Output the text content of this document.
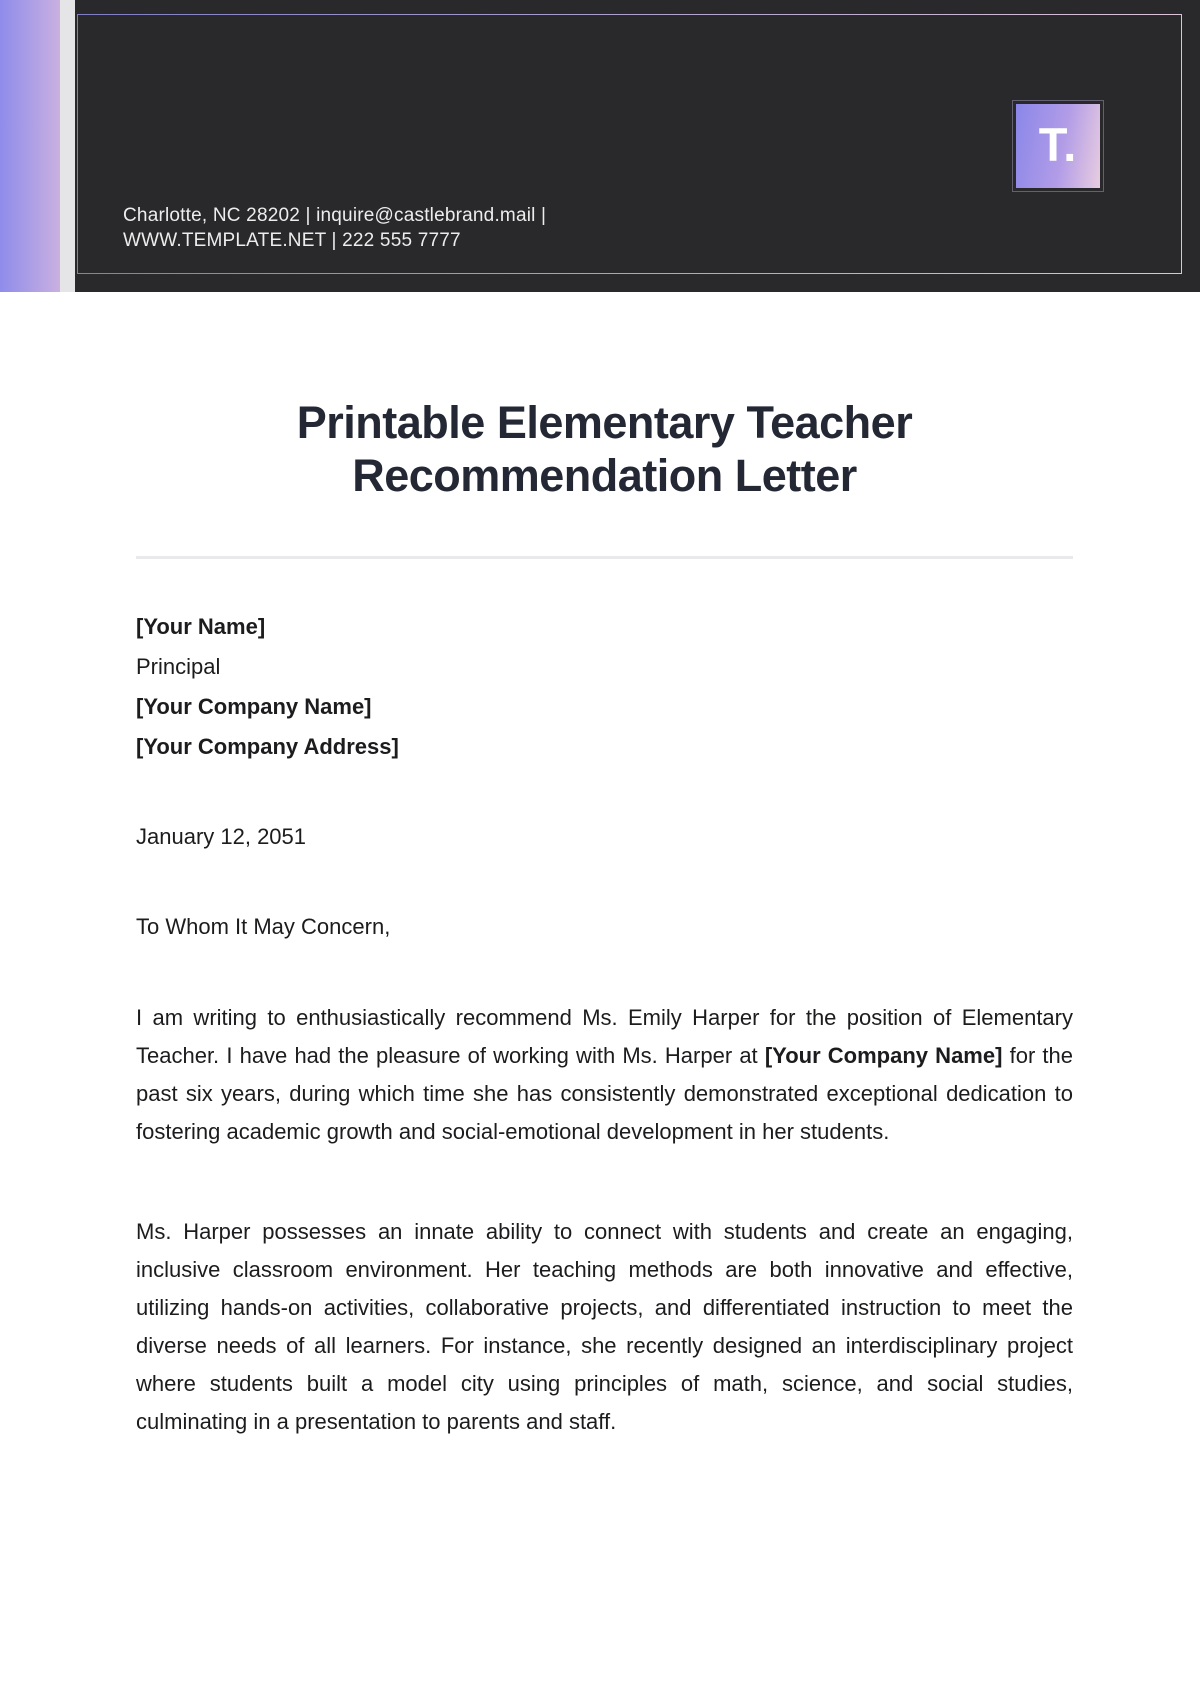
Charlotte, NC 28202 | inquire@castlebrand.mail |
WWW.TEMPLATE.NET | 222 555 7777
T.
Printable Elementary Teacher Recommendation Letter

[Your Name]

Principal

[Your Company Name]

[Your Company Address]

January 12, 2051

To Whom It May Concern,

I am writing to enthusiastically recommend Ms. Emily Harper for the position of Elementary Teacher. I have had the pleasure of working with Ms. Harper at [Your Company Name] for the past six years, during which time she has consistently demonstrated exceptional dedication to fostering academic growth and social-emotional development in her students.

Ms. Harper possesses an innate ability to connect with students and create an engaging, inclusive classroom environment. Her teaching methods are both innovative and effective, utilizing hands-on activities, collaborative projects, and differentiated instruction to meet the diverse needs of all learners. For instance, she recently designed an interdisciplinary project where students built a model city using principles of math, science, and social studies, culminating in a presentation to parents and staff.
